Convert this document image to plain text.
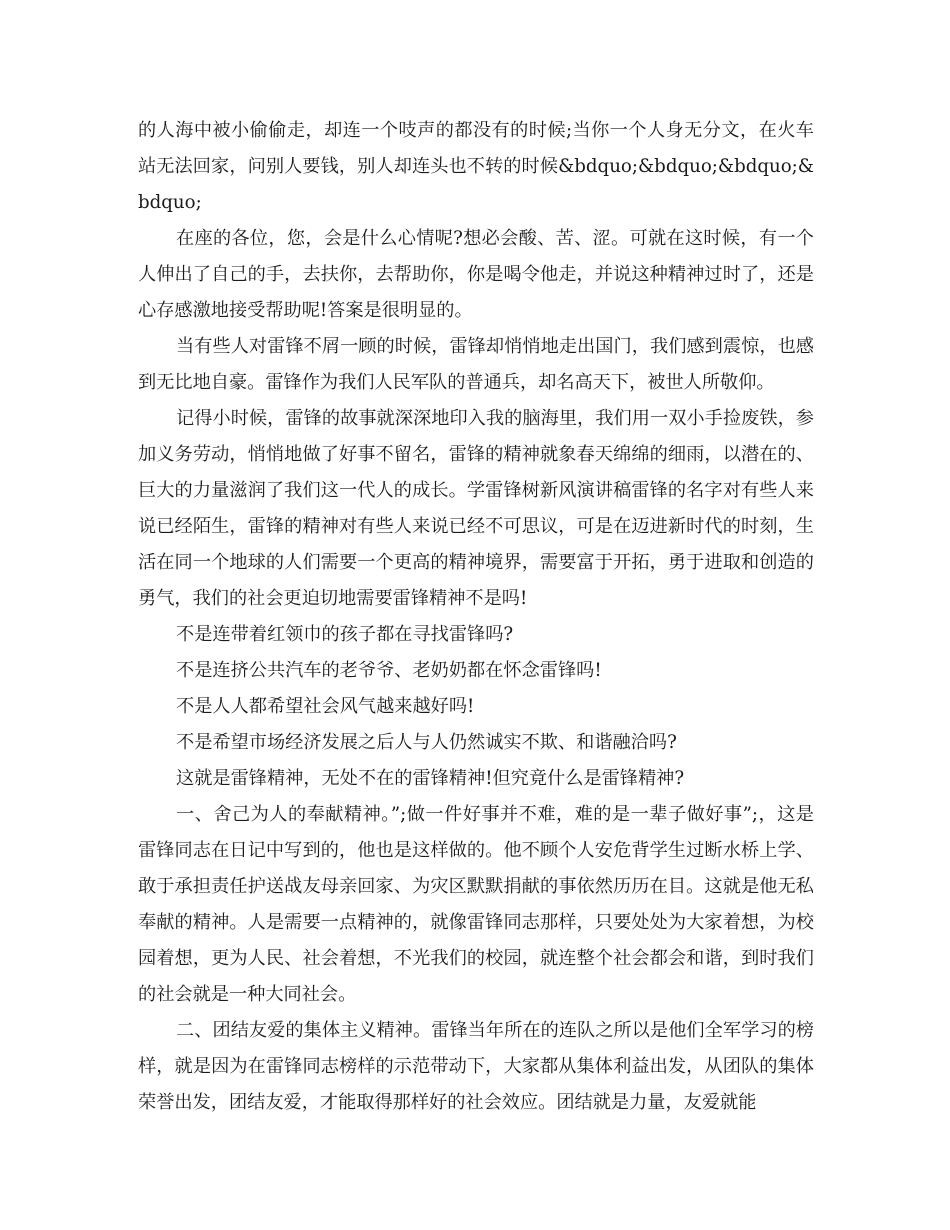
的人海中被小偷偷走，却连一个吱声的都没有的时候;当你一个人身无分文，在火车站无法回家，问别人要钱，别人却连头也不转的时候&bdquo;&bdquo;&bdquo;&bdquo;

在座的各位，您，会是什么心情呢?想必会酸、苦、涩。可就在这时候，有一个人伸出了自己的手，去扶你，去帮助你，你是喝令他走，并说这种精神过时了，还是心存感激地接受帮助呢!答案是很明显的。

当有些人对雷锋不屑一顾的时候，雷锋却悄悄地走出国门，我们感到震惊，也感到无比地自豪。雷锋作为我们人民军队的普通兵，却名高天下，被世人所敬仰。

记得小时候，雷锋的故事就深深地印入我的脑海里，我们用一双小手捡废铁，参加义务劳动，悄悄地做了好事不留名，雷锋的精神就象春天绵绵的细雨，以潜在的、巨大的力量滋润了我们这一代人的成长。学雷锋树新风演讲稿雷锋的名字对有些人来说已经陌生，雷锋的精神对有些人来说已经不可思议，可是在迈进新时代的时刻，生活在同一个地球的人们需要一个更高的精神境界，需要富于开拓，勇于进取和创造的勇气，我们的社会更迫切地需要雷锋精神不是吗!

不是连带着红领巾的孩子都在寻找雷锋吗?

不是连挤公共汽车的老爷爷、老奶奶都在怀念雷锋吗!

不是人人都希望社会风气越来越好吗!

不是希望市场经济发展之后人与人仍然诚实不欺、和谐融洽吗?

这就是雷锋精神，无处不在的雷锋精神!但究竟什么是雷锋精神?

一、舍己为人的奉献精神。”;做一件好事并不难，难的是一辈子做好事”;，这是雷锋同志在日记中写到的，他也是这样做的。他不顾个人安危背学生过断水桥上学、敢于承担责任护送战友母亲回家、为灾区默默捐献的事依然历历在目。这就是他无私奉献的精神。人是需要一点精神的，就像雷锋同志那样，只要处处为大家着想，为校园着想，更为人民、社会着想，不光我们的校园，就连整个社会都会和谐，到时我们的社会就是一种大同社会。

二、团结友爱的集体主义精神。雷锋当年所在的连队之所以是他们全军学习的榜样，就是因为在雷锋同志榜样的示范带动下，大家都从集体利益出发，从团队的集体荣誉出发，团结友爱，才能取得那样好的社会效应。团结就是力量，友爱就能
